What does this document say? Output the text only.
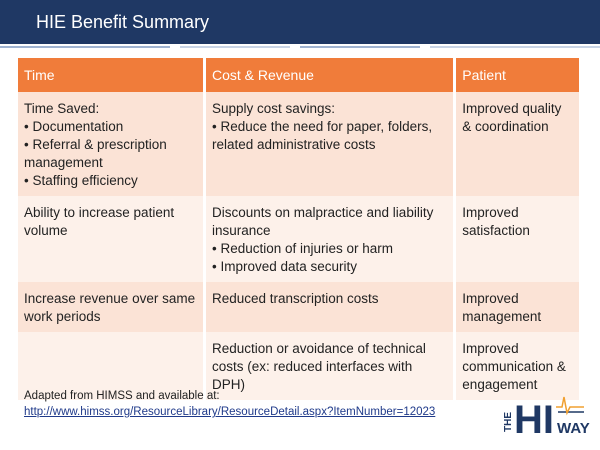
HIE Benefit Summary
Time	Cost & Revenue	Patient

Time Saved:
• Documentation
• Referral & prescription management
• Staffing efficiency	Supply cost savings:
• Reduce the need for paper, folders, related administrative costs	Improved quality & coordination

Ability to increase patient volume	Discounts on malpractice and liability insurance
• Reduction of injuries or harm
• Improved data security	Improved satisfaction

Increase revenue over same work periods	Reduced transcription costs	Improved management

	Reduction or avoidance of technical costs (ex: reduced interfaces with DPH)	Improved communication & engagement
Adapted from HIMSS and available at:
http://www.himss.org/ResourceLibrary/ResourceDetail.aspx?ItemNumber=12023	THE HI WAY
